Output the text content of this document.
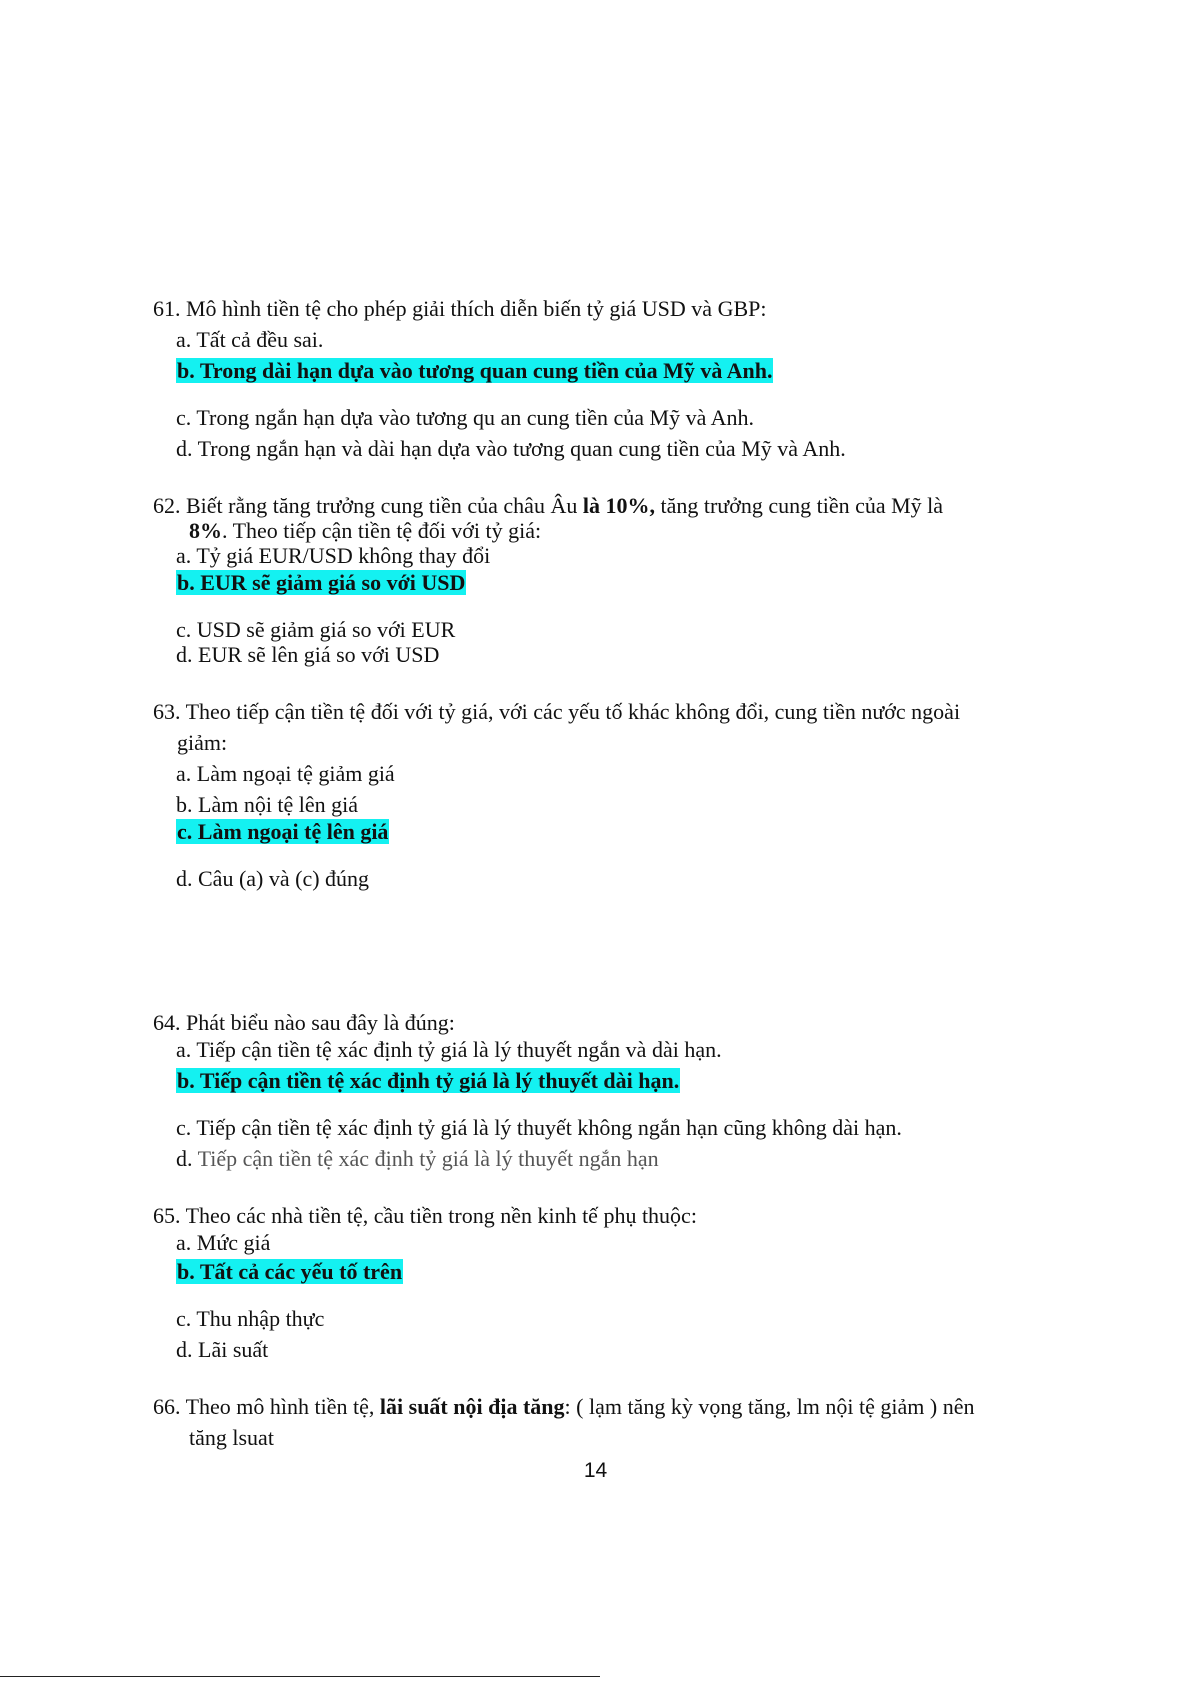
61. Mô hình tiền tệ cho phép giải thích diễn biến tỷ giá USD và GBP:
a. Tất cả đều sai.
b. Trong dài hạn dựa vào tương quan cung tiền của Mỹ và Anh.
c. Trong ngắn hạn dựa vào tương qu an cung tiền của Mỹ và Anh.
d. Trong ngắn hạn và dài hạn dựa vào tương quan cung tiền của Mỹ và Anh.
62. Biết rằng tăng trưởng cung tiền của châu Âu là 10%, tăng trưởng cung tiền của Mỹ là
8%. Theo tiếp cận tiền tệ đối với tỷ giá:
a. Tỷ giá EUR/USD không thay đổi
b. EUR sẽ giảm giá so với USD
c. USD sẽ giảm giá so với EUR
d. EUR sẽ lên giá so với USD
63. Theo tiếp cận tiền tệ đối với tỷ giá, với các yếu tố khác không đổi, cung tiền nước ngoài
giảm:
a. Làm ngoại tệ giảm giá
b. Làm nội tệ lên giá
c. Làm ngoại tệ lên giá
d. Câu (a) và (c) đúng
64. Phát biểu nào sau đây là đúng:
a. Tiếp cận tiền tệ xác định tỷ giá là lý thuyết ngắn và dài hạn.
b. Tiếp cận tiền tệ xác định tỷ giá là lý thuyết dài hạn.
c. Tiếp cận tiền tệ xác định tỷ giá là lý thuyết không ngắn hạn cũng không dài hạn.
d. Tiếp cận tiền tệ xác định tỷ giá là lý thuyết ngắn hạn
65. Theo các nhà tiền tệ, cầu tiền trong nền kinh tế phụ thuộc:
a. Mức giá
b. Tất cả các yếu tố trên
c. Thu nhập thực
d. Lãi suất
66. Theo mô hình tiền tệ, lãi suất nội địa tăng: ( lạm tăng kỳ vọng tăng, lm nội tệ giảm ) nên
tăng lsuat
14
